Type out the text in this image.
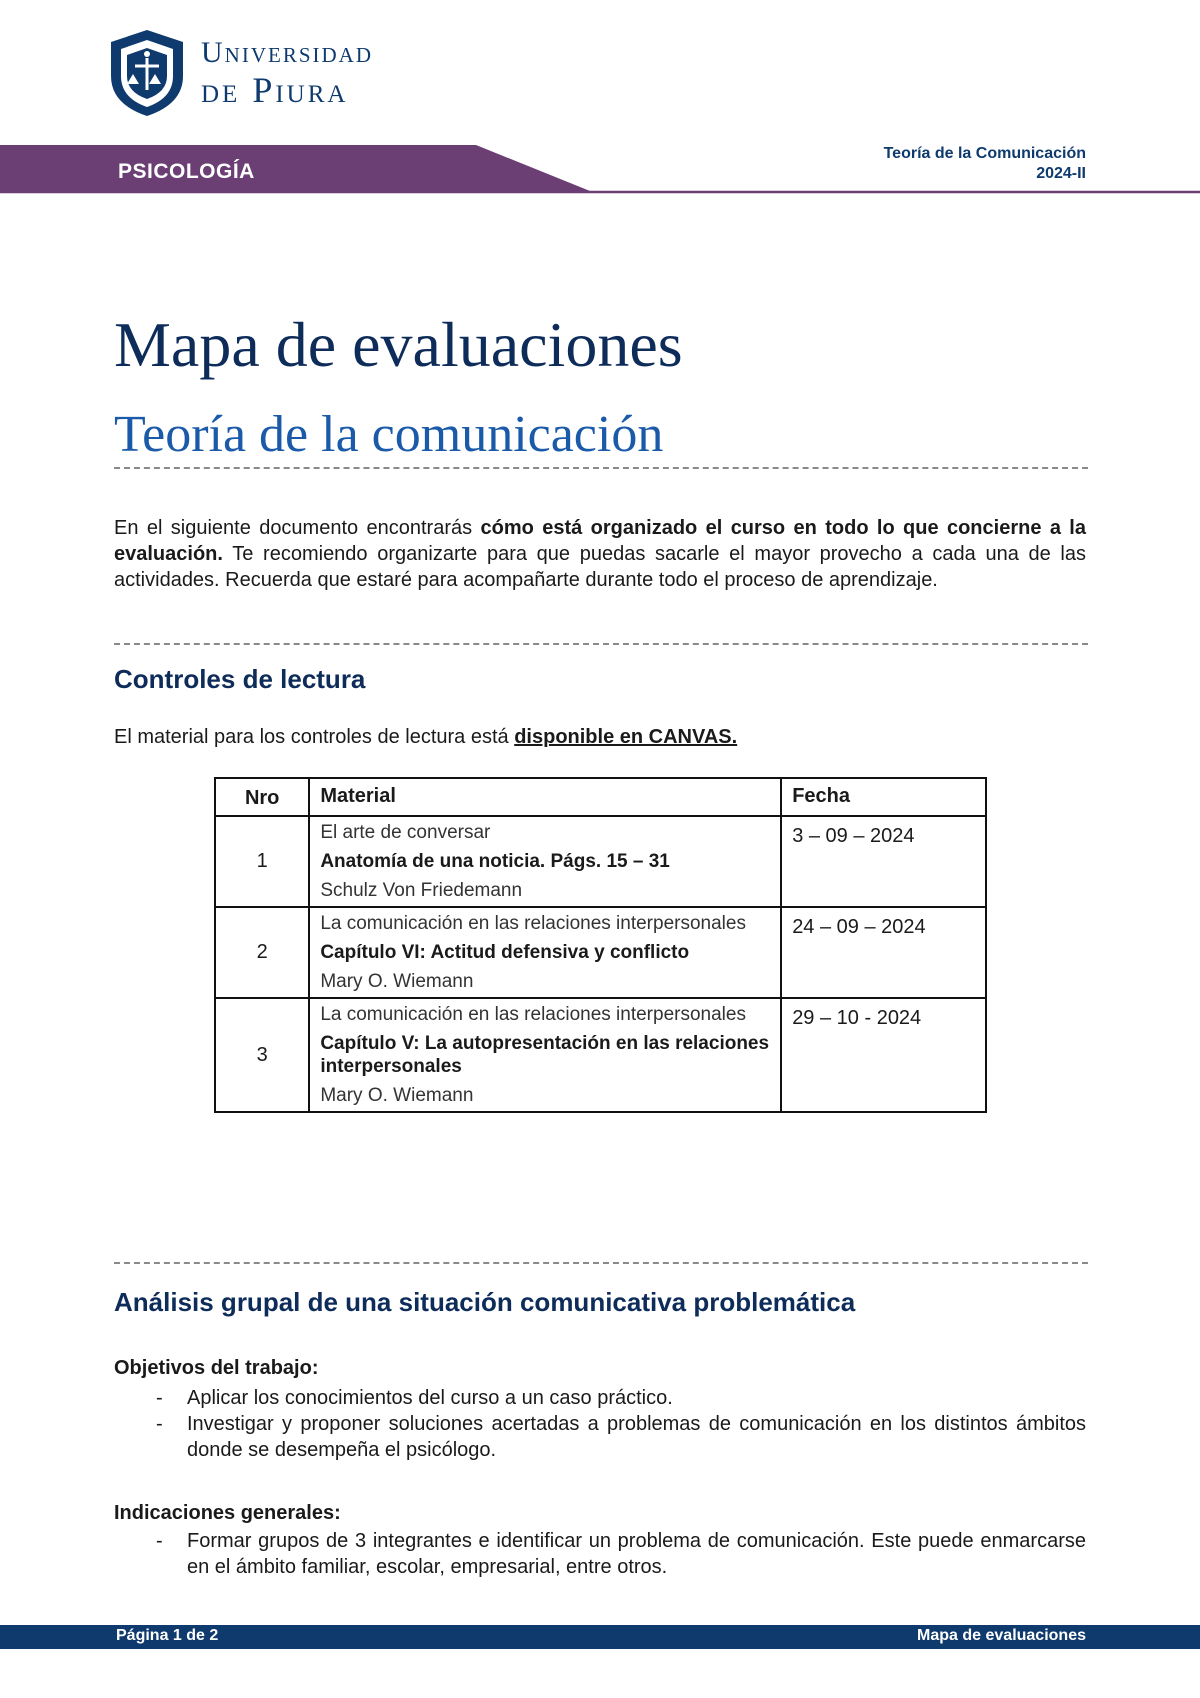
Universidad
de Piura
PSICOLOGÍA
Teoría de la Comunicación
2024-II
Mapa de evaluaciones
Teoría de la comunicación

En el siguiente documento encontrarás cómo está organizado el curso en todo lo que concierne a la evaluación. Te recomiendo organizarte para que puedas sacarle el mayor provecho a cada una de las actividades. Recuerda que estaré para acompañarte durante todo el proceso de aprendizaje.

Controles de lectura

El material para los controles de lectura está disponible en CANVAS.

Nro	Material	Fecha
1	El arte de conversar
Anatomía de una noticia. Págs. 15 – 31
Schulz Von Friedemann	3 – 09 – 2024

2	La comunicación en las relaciones interpersonales
Capítulo VI: Actitud defensiva y conflicto
Mary O. Wiemann	24 – 09 – 2024

3	La comunicación en las relaciones interpersonales
Capítulo V: La autopresentación en las relaciones interpersonales
Mary O. Wiemann	29 – 10 - 2024
Análisis grupal de una situación comunicativa problemática

Objetivos del trabajo:

- Aplicar los conocimientos del curso a un caso práctico.
- Investigar y proponer soluciones acertadas a problemas de comunicación en los distintos ámbitos donde se desempeña el psicólogo.

Indicaciones generales:

- Formar grupos de 3 integrantes e identificar un problema de comunicación. Este puede enmarcarse en el ámbito familiar, escolar, empresarial, entre otros.
Página 1 de 2	Mapa de evaluaciones
